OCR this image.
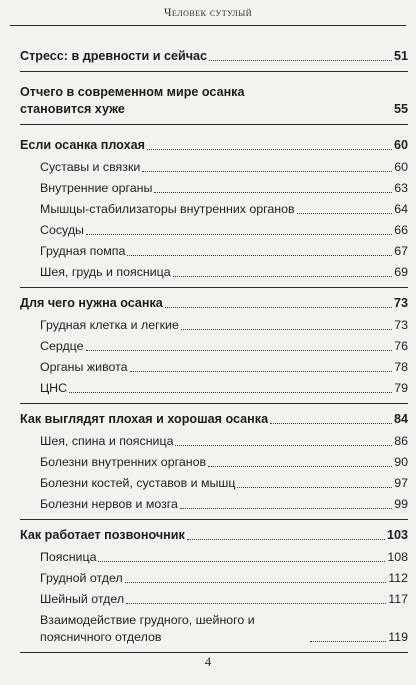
Человек сутулый
Стресс: в древности и сейчас	51
Отчего в современном мире осанка становится хуже	55
Если осанка плохая	60
Суставы и связки	60
Внутренние органы	63
Мышцы-стабилизаторы внутренних органов	64
Сосуды	66
Грудная помпа	67
Шея, грудь и поясница	69
Для чего нужна осанка	73
Грудная клетка и легкие	73
Сердце	76
Органы живота	78
ЦНС	79
Как выглядят плохая и хорошая осанка	84
Шея, спина и поясница	86
Болезни внутренних органов	90
Болезни костей, суставов и мышц	97
Болезни нервов и мозга	99
Как работает позвоночник	103
Поясница	108
Грудной отдел	112
Шейный отдел	117
Взаимодействие грудного, шейного и поясничного отделов	119
4
